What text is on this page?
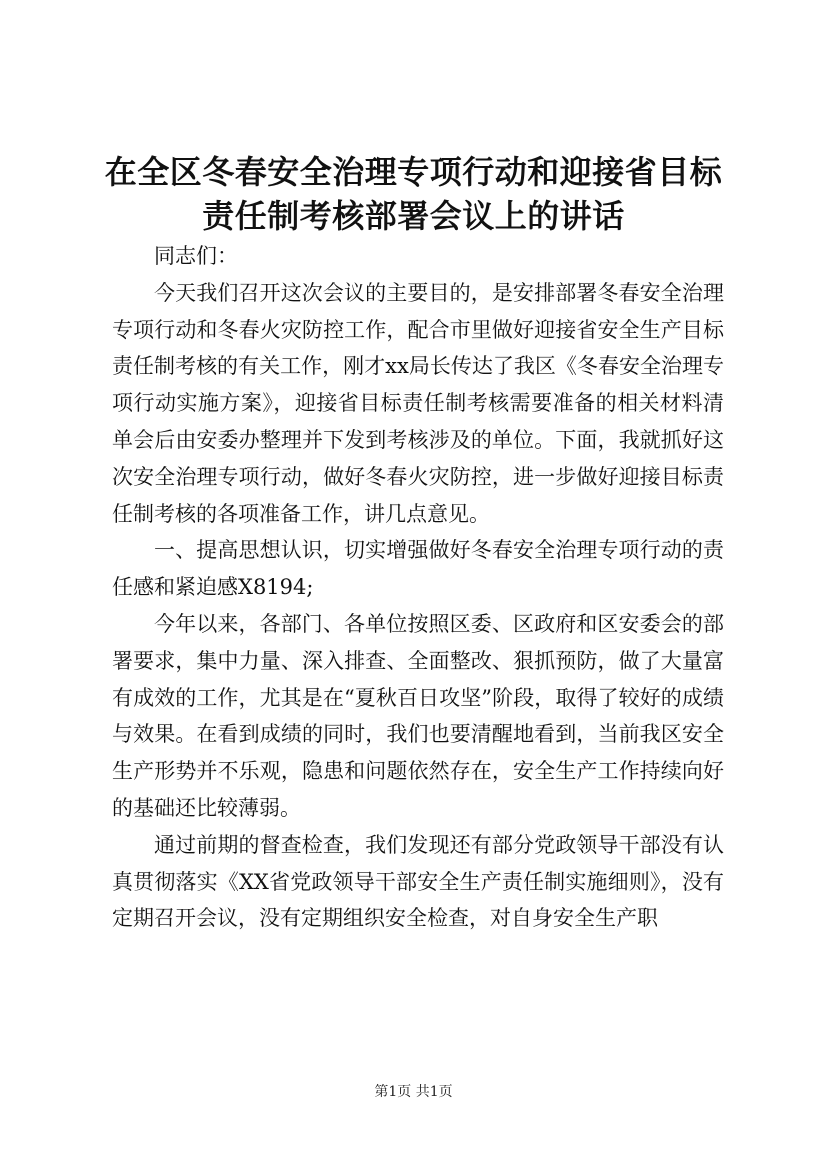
在全区冬春安全治理专项行动和迎接省目标责任制考核部署会议上的讲话

同志们：

今天我们召开这次会议的主要目的，是安排部署冬春安全治理专项行动和冬春火灾防控工作，配合市里做好迎接省安全生产目标责任制考核的有关工作，刚才xx局长传达了我区《冬春安全治理专项行动实施方案》，迎接省目标责任制考核需要准备的相关材料清单会后由安委办整理并下发到考核涉及的单位。下面，我就抓好这次安全治理专项行动，做好冬春火灾防控，进一步做好迎接目标责任制考核的各项准备工作，讲几点意见。

一、提高思想认识，切实增强做好冬春安全治理专项行动的责任感和紧迫感X8194;

今年以来，各部门、各单位按照区委、区政府和区安委会的部署要求，集中力量、深入排查、全面整改、狠抓预防，做了大量富有成效的工作，尤其是在“夏秋百日攻坚”阶段，取得了较好的成绩与效果。在看到成绩的同时，我们也要清醒地看到，当前我区安全生产形势并不乐观，隐患和问题依然存在，安全生产工作持续向好的基础还比较薄弱。

通过前期的督查检查，我们发现还有部分党政领导干部没有认真贯彻落实《XX省党政领导干部安全生产责任制实施细则》，没有定期召开会议，没有定期组织安全检查，对自身安全生产职

第1页 共1页
